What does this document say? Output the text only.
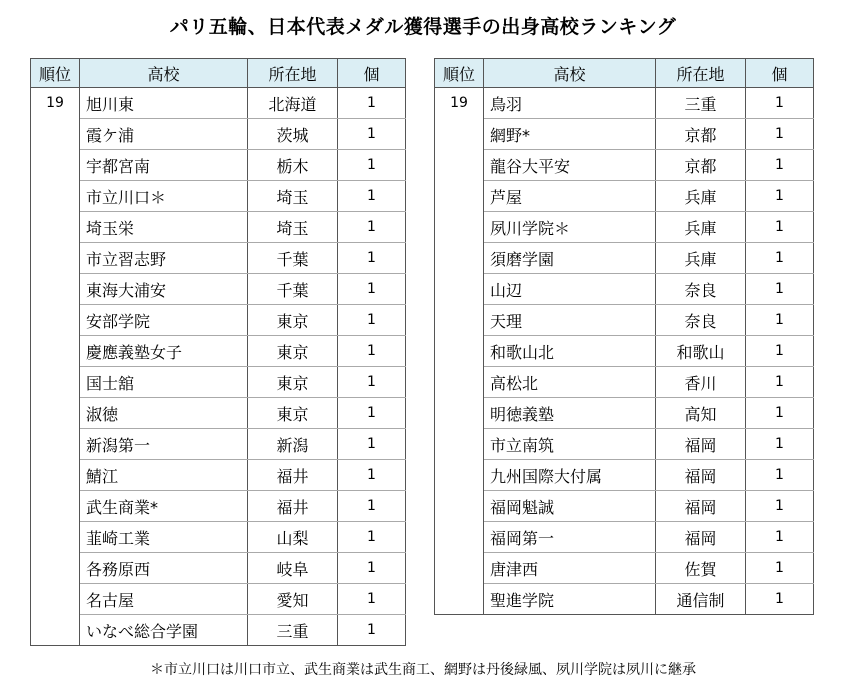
パリ五輪、日本代表メダル獲得選手の出身高校ランキング
順位	高校	所在地	個
19	旭川東	北海道	1
	霞ケ浦	茨城	1
	宇都宮南	栃木	1
	市立川口＊	埼玉	1
	埼玉栄	埼玉	1
	市立習志野	千葉	1
	東海大浦安	千葉	1
	安部学院	東京	1
	慶應義塾女子	東京	1
	国士舘	東京	1
	淑徳	東京	1
	新潟第一	新潟	1
	鯖江	福井	1
	武生商業*	福井	1
	韮崎工業	山梨	1
	各務原西	岐阜	1
	名古屋	愛知	1
	いなべ総合学園	三重	1
順位	高校	所在地	個
19	鳥羽	三重	1
	網野*	京都	1
	龍谷大平安	京都	1
	芦屋	兵庫	1
	夙川学院＊	兵庫	1
	須磨学園	兵庫	1
	山辺	奈良	1
	天理	奈良	1
	和歌山北	和歌山	1
	高松北	香川	1
	明徳義塾	高知	1
	市立南筑	福岡	1
	九州国際大付属	福岡	1
	福岡魁誠	福岡	1
	福岡第一	福岡	1
	唐津西	佐賀	1
	聖進学院	通信制	1
＊市立川口は川口市立、武生商業は武生商工、網野は丹後緑風、夙川学院は夙川に継承
